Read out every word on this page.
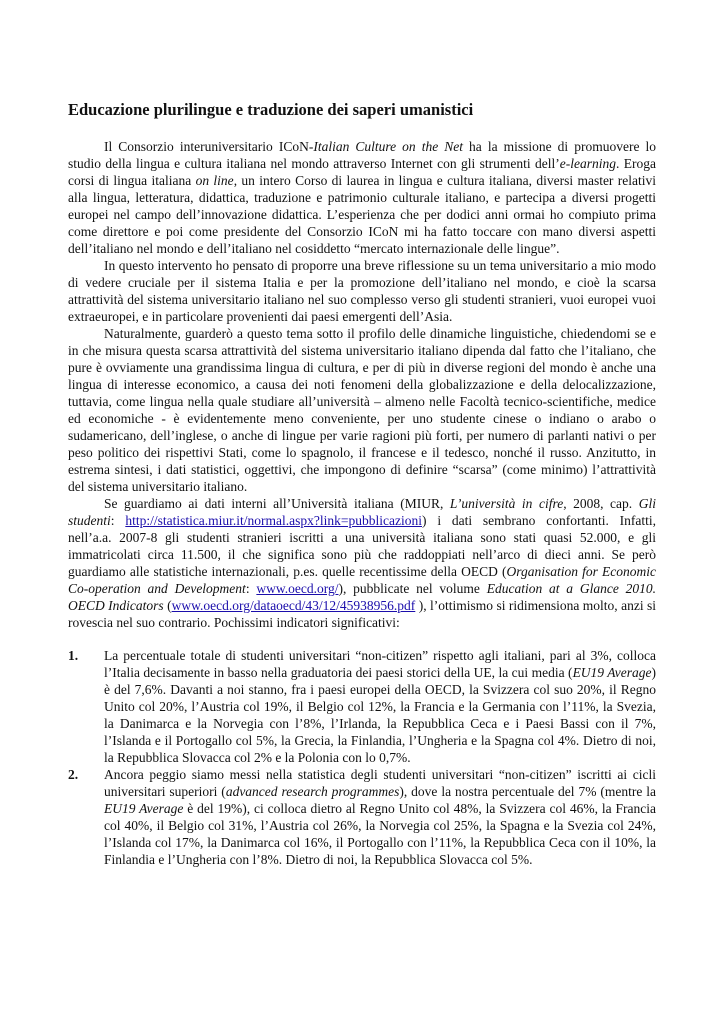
Educazione plurilingue e traduzione dei saperi umanistici

Il Consorzio interuniversitario ICoN-Italian Culture on the Net ha la missione di promuovere lo studio della lingua e cultura italiana nel mondo attraverso Internet con gli strumenti dell’e-learning. Eroga corsi di lingua italiana on line, un intero Corso di laurea in lingua e cultura italiana, diversi master relativi alla lingua, letteratura, didattica, traduzione e patrimonio culturale italiano, e partecipa a diversi progetti europei nel campo dell’innovazione didattica. L’esperienza che per dodici anni ormai ho compiuto prima come direttore e poi come presidente del Consorzio ICoN mi ha fatto toccare con mano diversi aspetti dell’italiano nel mondo e dell’italiano nel cosiddetto “mercato internazionale delle lingue”.

In questo intervento ho pensato di proporre una breve riflessione su un tema universitario a mio modo di vedere cruciale per il sistema Italia e per la promozione dell’italiano nel mondo, e cioè la scarsa attrattività del sistema universitario italiano nel suo complesso verso gli studenti stranieri, vuoi europei vuoi extraeuropei, e in particolare provenienti dai paesi emergenti dell’Asia.

Naturalmente, guarderò a questo tema sotto il profilo delle dinamiche linguistiche, chiedendomi se e in che misura questa scarsa attrattività del sistema universitario italiano dipenda dal fatto che l’italiano, che pure è ovviamente una grandissima lingua di cultura, e per di più in diverse regioni del mondo è anche una lingua di interesse economico, a causa dei noti fenomeni della globalizzazione e della delocalizzazione, tuttavia, come lingua nella quale studiare all’università – almeno nelle Facoltà tecnico-scientifiche, medice ed economiche - è evidentemente meno conveniente, per uno studente cinese o indiano o arabo o sudamericano, dell’inglese, o anche di lingue per varie ragioni più forti, per numero di parlanti nativi o per peso politico dei rispettivi Stati, come lo spagnolo, il francese e il tedesco, nonché il russo. Anzitutto, in estrema sintesi, i dati statistici, oggettivi, che impongono di definire “scarsa” (come minimo) l’attrattività del sistema universitario italiano.

Se guardiamo ai dati interni all’Università italiana (MIUR, L’università in cifre, 2008, cap. Gli studenti: http://statistica.miur.it/normal.aspx?link=pubblicazioni) i dati sembrano confortanti. Infatti, nell’a.a. 2007-8 gli studenti stranieri iscritti a una università italiana sono stati quasi 52.000, e gli immatricolati circa 11.500, il che significa sono più che raddoppiati nell’arco di dieci anni. Se però guardiamo alle statistiche internazionali, p.es. quelle recentissime della OECD (Organisation for Economic Co-operation and Development: www.oecd.org/), pubblicate nel volume Education at a Glance 2010. OECD Indicators (www.oecd.org/dataoecd/43/12/45938956.pdf ), l’ottimismo si ridimensiona molto, anzi si rovescia nel suo contrario. Pochissimi indicatori significativi:

1. La percentuale totale di studenti universitari “non-citizen” rispetto agli italiani, pari al 3%, colloca l’Italia decisamente in basso nella graduatoria dei paesi storici della UE, la cui media (EU19 Average) è del 7,6%. Davanti a noi stanno, fra i paesi europei della OECD, la Svizzera col suo 20%, il Regno Unito col 20%, l’Austria col 19%, il Belgio col 12%, la Francia e la Germania con l’11%, la Svezia, la Danimarca e la Norvegia con l’8%, l’Irlanda, la Repubblica Ceca e i Paesi Bassi con il 7%, l’Islanda e il Portogallo col 5%, la Grecia, la Finlandia, l’Ungheria e la Spagna col 4%. Dietro di noi, la Repubblica Slovacca col 2% e la Polonia con lo 0,7%.
2. Ancora peggio siamo messi nella statistica degli studenti universitari “non-citizen” iscritti ai cicli universitari superiori (advanced research programmes), dove la nostra percentuale del 7% (mentre la EU19 Average è del 19%), ci colloca dietro al Regno Unito col 48%, la Svizzera col 46%, la Francia col 40%, il Belgio col 31%, l’Austria col 26%, la Norvegia col 25%, la Spagna e la Svezia col 24%, l’Islanda col 17%, la Danimarca col 16%, il Portogallo con l’11%, la Repubblica Ceca con il 10%, la Finlandia e l’Ungheria con l’8%. Dietro di noi, la Repubblica Slovacca col 5%.
